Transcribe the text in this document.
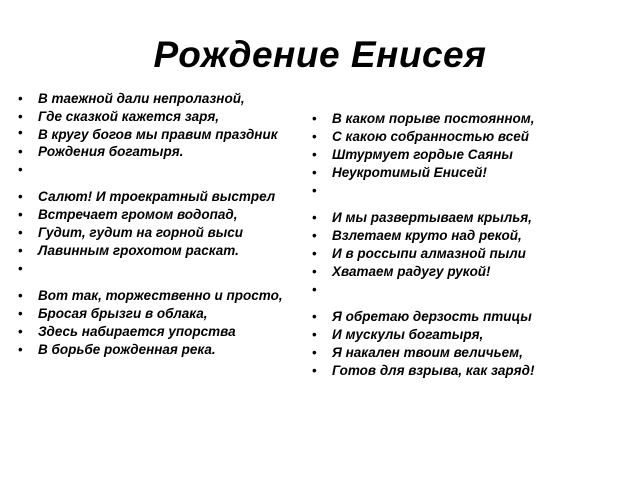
Рождение Енисея
• В таежной дали непролазной,
• Где сказкой кажется заря,
• В кругу богов мы правим праздник
• Рождения богатыря.
•
• Салют! И троекратный выстрел
• Встречает громом водопад,
• Гудит, гудит на горной выси
• Лавинным грохотом раскат.
•
• Вот так, торжественно и просто,
• Бросая брызги в облака,
• Здесь набирается упорства
• В борьбе рожденная река.
• В каком порыве постоянном,
• С какою собранностью всей
• Штурмует гордые Саяны
• Неукротимый Енисей!
•
• И мы развертываем крылья,
• Взлетаем круто над рекой,
• И в россыпи алмазной пыли
• Хватаем радугу рукой!
•
• Я обретаю дерзость птицы
• И мускулы богатыря,
• Я накален твоим величьем,
• Готов для взрыва, как заряд!
